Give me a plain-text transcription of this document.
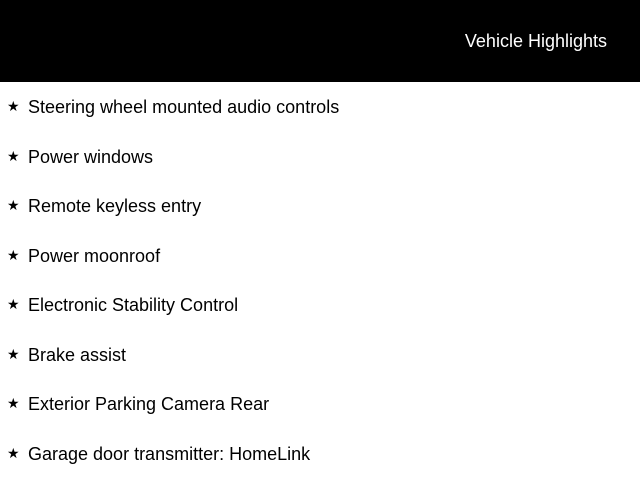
Vehicle Highlights
★ Steering wheel mounted audio controls
★ Power windows
★ Remote keyless entry
★ Power moonroof
★ Electronic Stability Control
★ Brake assist
★ Exterior Parking Camera Rear
★ Garage door transmitter: HomeLink
